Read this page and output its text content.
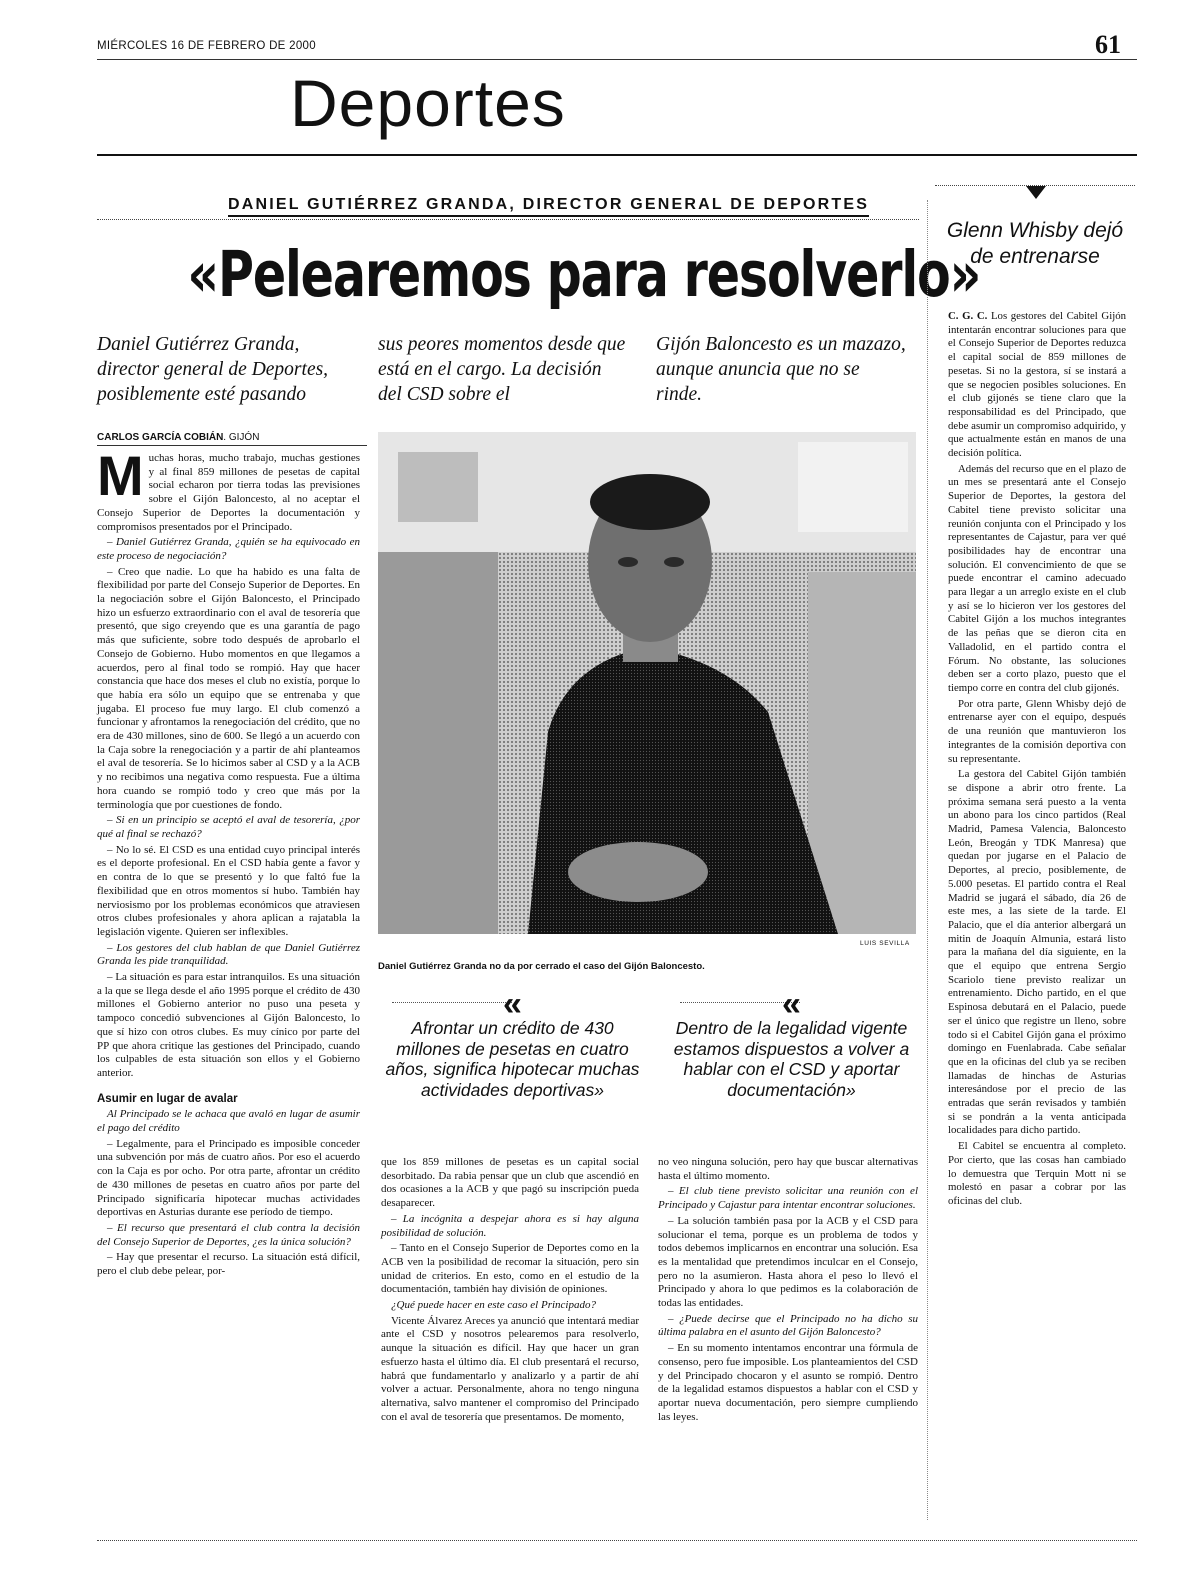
MIÉRCOLES 16 DE FEBRERO DE 2000	61
Deportes
DANIEL GUTIÉRREZ GRANDA, DIRECTOR GENERAL DE DEPORTES
«Pelearemos para resolverlo»
Daniel Gutiérrez Granda, director general de Deportes, posiblemente esté pasando
sus peores momentos desde que está en el cargo. La decisión del CSD sobre el
Gijón Baloncesto es un mazazo, aunque anuncia que no se rinde.
CARLOS GARCÍA COBIÁN. GIJÓN

Muchas horas, mucho trabajo, muchas gestiones y al final 859 millones de pesetas de capital social echaron por tierra todas las previsiones sobre el Gijón Baloncesto, al no aceptar el Consejo Superior de Deportes la documentación y compromisos presentados por el Principado.

– Daniel Gutiérrez Granda, ¿quién se ha equivocado en este proceso de negociación?

– Creo que nadie. Lo que ha habido es una falta de flexibilidad por parte del Consejo Superior de Deportes. En la negociación sobre el Gijón Baloncesto, el Principado hizo un esfuerzo extraordinario con el aval de tesorería que presentó, que sigo creyendo que es una garantía de pago más que suficiente, sobre todo después de aprobarlo el Consejo de Gobierno. Hubo momentos en que llegamos a acuerdos, pero al final todo se rompió. Hay que hacer constancia que hace dos meses el club no existía, porque lo que había era sólo un equipo que se entrenaba y que jugaba. El proceso fue muy largo. El club comenzó a funcionar y afrontamos la renegociación del crédito, que no era de 430 millones, sino de 600. Se llegó a un acuerdo con la Caja sobre la renegociación y a partir de ahí planteamos el aval de tesorería. Se lo hicimos saber al CSD y a la ACB y no recibimos una negativa como respuesta. Fue a última hora cuando se rompió todo y creo que más por la terminología que por cuestiones de fondo.

– Si en un principio se aceptó el aval de tesorería, ¿por qué al final se rechazó?

– No lo sé. El CSD es una entidad cuyo principal interés es el deporte profesional. En el CSD había gente a favor y en contra de lo que se presentó y lo que faltó fue la flexibilidad que en otros momentos sí hubo. También hay nerviosismo por los problemas económicos que atraviesen otros clubes profesionales y ahora aplican a rajatabla la legislación vigente. Quieren ser inflexibles.

– Los gestores del club hablan de que Daniel Gutiérrez Granda les pide tranquilidad.

– La situación es para estar intranquilos. Es una situación a la que se llega desde el año 1995 porque el crédito de 430 millones el Gobierno anterior no puso una peseta y tampoco concedió subvenciones al Gijón Baloncesto, lo que sí hizo con otros clubes. Es muy cínico por parte del PP que ahora critique las gestiones del Principado, cuando los culpables de esta situación son ellos y el Gobierno anterior.

Asumir en lugar de avalar

Al Principado se le achaca que avaló en lugar de asumir el pago del crédito

– Legalmente, para el Principado es imposible conceder una subvención por más de cuatro años. Por eso el acuerdo con la Caja es por ocho. Por otra parte, afrontar un crédito de 430 millones de pesetas en cuatro años por parte del Principado significaría hipotecar muchas actividades deportivas en Asturias durante ese período de tiempo.

– El recurso que presentará el club contra la decisión del Consejo Superior de Deportes, ¿es la única solución?

– Hay que presentar el recurso. La situación está difícil, pero el club debe pelear, por-

LUIS SEVILLA
Daniel Gutiérrez Granda no da por cerrado el caso del Gijón Baloncesto.
«
Afrontar un crédito de 430 millones de pesetas en cuatro años, significa hipotecar muchas actividades deportivas»
«
Dentro de la legalidad vigente estamos dispuestos a volver a hablar con el CSD y aportar documentación»

que los 859 millones de pesetas es un capital social desorbitado. Da rabia pensar que un club que ascendió en dos ocasiones a la ACB y que pagó su inscripción pueda desaparecer.

– La incógnita a despejar ahora es si hay alguna posibilidad de solución.

– Tanto en el Consejo Superior de Deportes como en la ACB ven la posibilidad de recomar la situación, pero sin unidad de criterios. En esto, como en el estudio de la documentación, también hay división de opiniones.

¿Qué puede hacer en este caso el Principado?

Vicente Álvarez Areces ya anunció que intentará mediar ante el CSD y nosotros pelearemos para resolverlo, aunque la situación es difícil. Hay que hacer un gran esfuerzo hasta el último día. El club presentará el recurso, habrá que fundamentarlo y analizarlo y a partir de ahí volver a actuar. Personalmente, ahora no tengo ninguna alternativa, salvo mantener el compromiso del Principado con el aval de tesorería que presentamos. De momento,

no veo ninguna solución, pero hay que buscar alternativas hasta el último momento.

– El club tiene previsto solicitar una reunión con el Principado y Cajastur para intentar encontrar soluciones.

– La solución también pasa por la ACB y el CSD para solucionar el tema, porque es un problema de todos y todos debemos implicarnos en encontrar una solución. Esa es la mentalidad que pretendimos inculcar en el Consejo, pero no la asumieron. Hasta ahora el peso lo llevó el Principado y ahora lo que pedimos es la colaboración de todas las entidades.

– ¿Puede decirse que el Principado no ha dicho su última palabra en el asunto del Gijón Baloncesto?

– En su momento intentamos encontrar una fórmula de consenso, pero fue imposible. Los planteamientos del CSD y del Principado chocaron y el asunto se rompió. Dentro de la legalidad estamos dispuestos a hablar con el CSD y aportar nueva documentación, pero siempre cumpliendo las leyes.

Glenn Whisby dejó de entrenarse

C. G. C. Los gestores del Cabitel Gijón intentarán encontrar soluciones para que el Consejo Superior de Deportes reduzca el capital social de 859 millones de pesetas. Si no la gestora, sí se instará a que se negocien posibles soluciones. En el club gijonés se tiene claro que la responsabilidad es del Principado, que debe asumir un compromiso adquirido, y que actualmente están en manos de una decisión política.

Además del recurso que en el plazo de un mes se presentará ante el Consejo Superior de Deportes, la gestora del Cabitel tiene previsto solicitar una reunión conjunta con el Principado y los representantes de Cajastur, para ver qué posibilidades hay de encontrar una solución. El convencimiento de que se puede encontrar el camino adecuado para llegar a un arreglo existe en el club y así se lo hicieron ver los gestores del Cabitel Gijón a los muchos integrantes de las peñas que se dieron cita en Valladolid, en el partido contra el Fórum. No obstante, las soluciones deben ser a corto plazo, puesto que el tiempo corre en contra del club gijonés.

Por otra parte, Glenn Whisby dejó de entrenarse ayer con el equipo, después de una reunión que mantuvieron los integrantes de la comisión deportiva con su representante.

La gestora del Cabitel Gijón también se dispone a abrir otro frente. La próxima semana será puesto a la venta un abono para los cinco partidos (Real Madrid, Pamesa Valencia, Baloncesto León, Breogán y TDK Manresa) que quedan por jugarse en el Palacio de Deportes, al precio, posiblemente, de 5.000 pesetas. El partido contra el Real Madrid se jugará el sábado, día 26 de este mes, a las siete de la tarde. El Palacio, que el día anterior albergará un mitin de Joaquín Almunia, estará listo para la mañana del día siguiente, en la que el equipo que entrena Sergio Scariolo tiene previsto realizar un entrenamiento. Dicho partido, en el que Espinosa debutará en el Palacio, puede ser el único que registre un lleno, sobre todo si el Cabitel Gijón gana el próximo domingo en Fuenlabrada. Cabe señalar que en la oficinas del club ya se reciben llamadas de hinchas de Asturias interesándose por el precio de las entradas que serán revisados y también si se pondrán a la venta anticipada localidades para dicho partido.

El Cabitel se encuentra al completo. Por cierto, que las cosas han cambiado lo demuestra que Terquin Mott ni se molestó en pasar a cobrar por las oficinas del club.
